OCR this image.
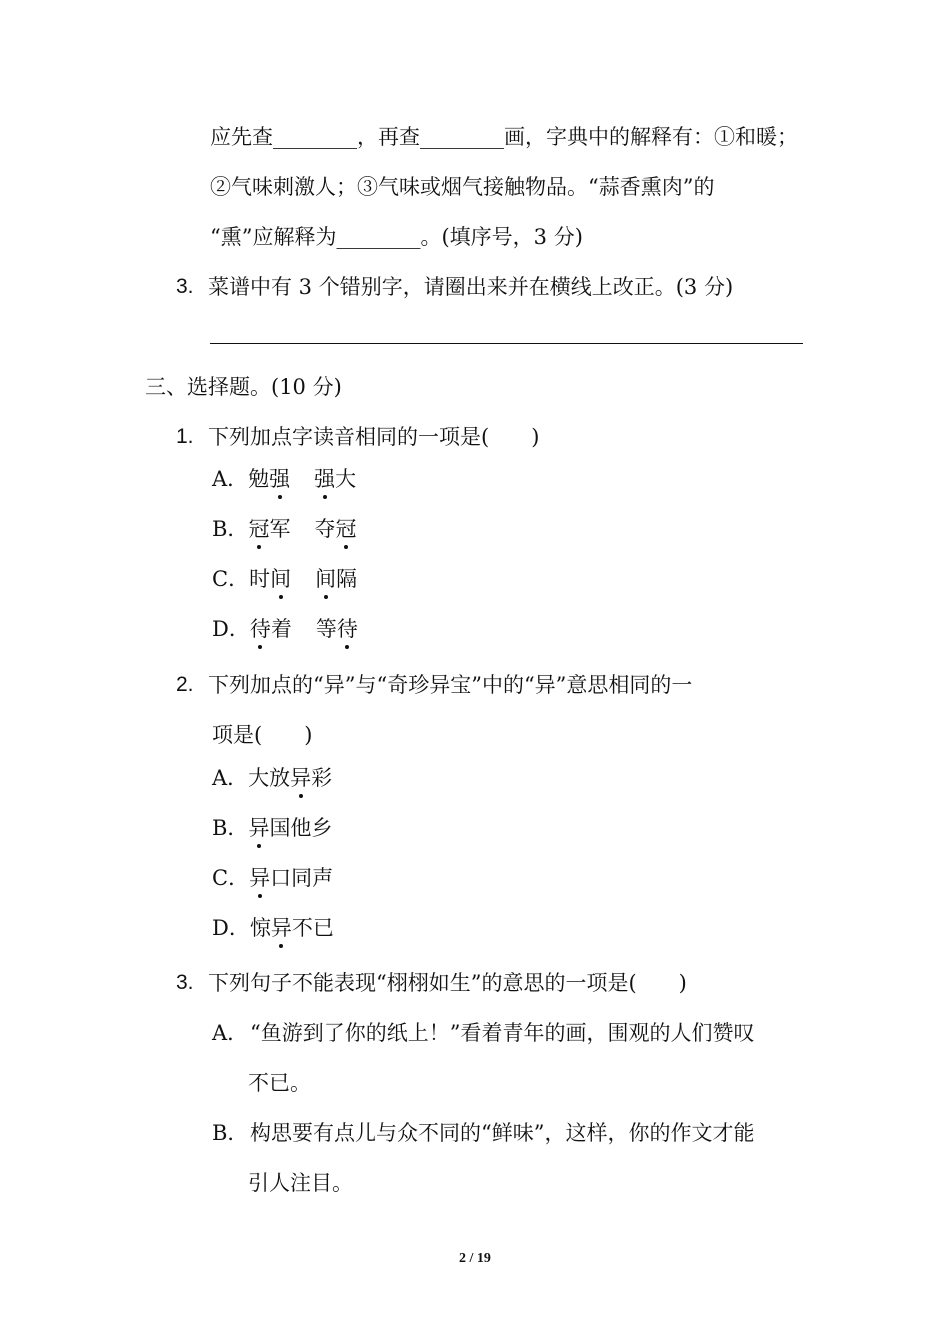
应先查________，再查________画，字典中的解释有：①和暖；
②气味刺激人；③气味或烟气接触物品。“蒜香熏肉”的
“熏”应解释为________。(填序号，3 分)
3. 菜谱中有 3 个错别字，请圈出来并在横线上改正。(3 分)
三、选择题。(10 分)
1. 下列加点字读音相同的一项是(　　)
A．勉强 强大
B．冠军 夺冠
C．时间 间隔
D．待着 等待
2. 下列加点的“异”与“奇珍异宝”中的“异”意思相同的一
项是(　　)
A．大放异彩
B．异国他乡
C．异口同声
D．惊异不已
3. 下列句子不能表现“栩栩如生”的意思的一项是(　　)
A． “鱼游到了你的纸上！”看着青年的画，围观的人们赞叹
不已。
B． 构思要有点儿与众不同的“鲜味”，这样，你的作文才能
引人注目。
2 / 19
